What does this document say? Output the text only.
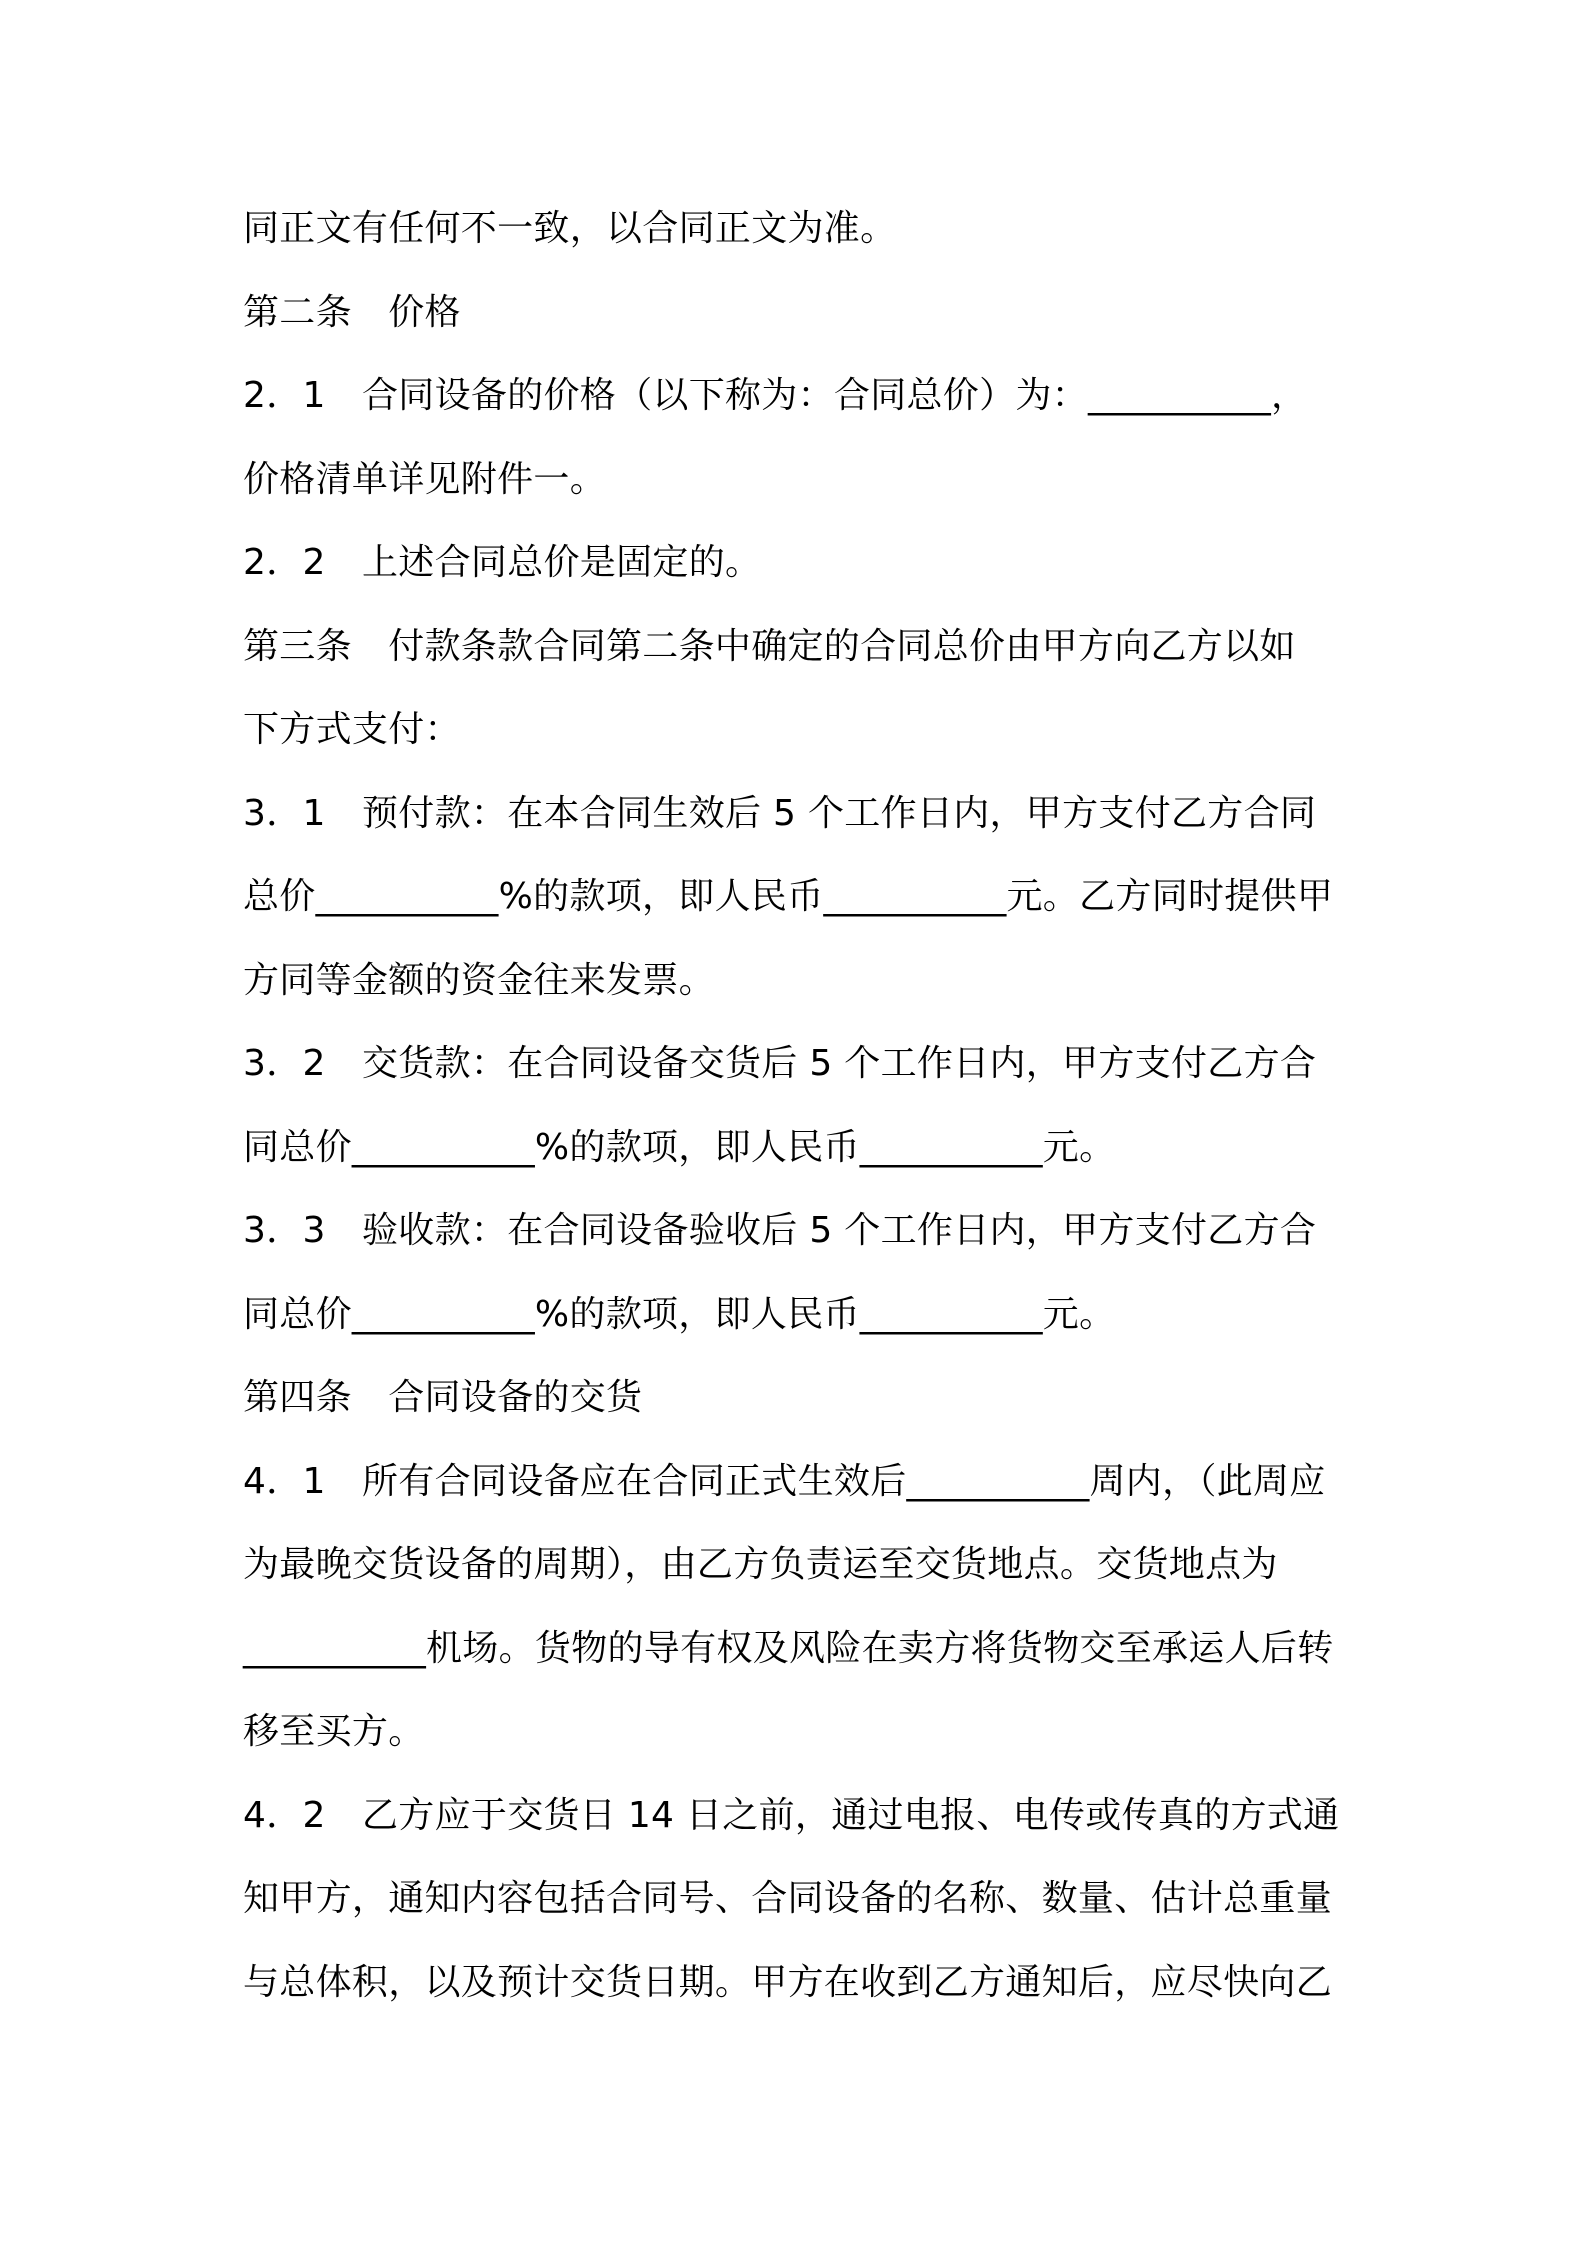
同正文有任何不一致，以合同正文为准。
第二条　价格
2．1　合同设备的价格（以下称为：合同总价）为：__________，
价格清单详见附件一。
2．2　上述合同总价是固定的。
第三条　付款条款合同第二条中确定的合同总价由甲方向乙方以如
下方式支付：
3．1　预付款：在本合同生效后 5 个工作日内，甲方支付乙方合同
总价__________%的款项，即人民币__________元。乙方同时提供甲
方同等金额的资金往来发票。
3．2　交货款：在合同设备交货后 5 个工作日内，甲方支付乙方合
同总价__________%的款项，即人民币__________元。
3．3　验收款：在合同设备验收后 5 个工作日内，甲方支付乙方合
同总价__________%的款项，即人民币__________元。
第四条　合同设备的交货
4．1　所有合同设备应在合同正式生效后__________周内，（此周应
为最晚交货设备的周期），由乙方负责运至交货地点。交货地点为
__________机场。货物的导有权及风险在卖方将货物交至承运人后转
移至买方。
4．2　乙方应于交货日 14 日之前，通过电报、电传或传真的方式通
知甲方，通知内容包括合同号、合同设备的名称、数量、估计总重量
与总体积，以及预计交货日期。甲方在收到乙方通知后，应尽快向乙
